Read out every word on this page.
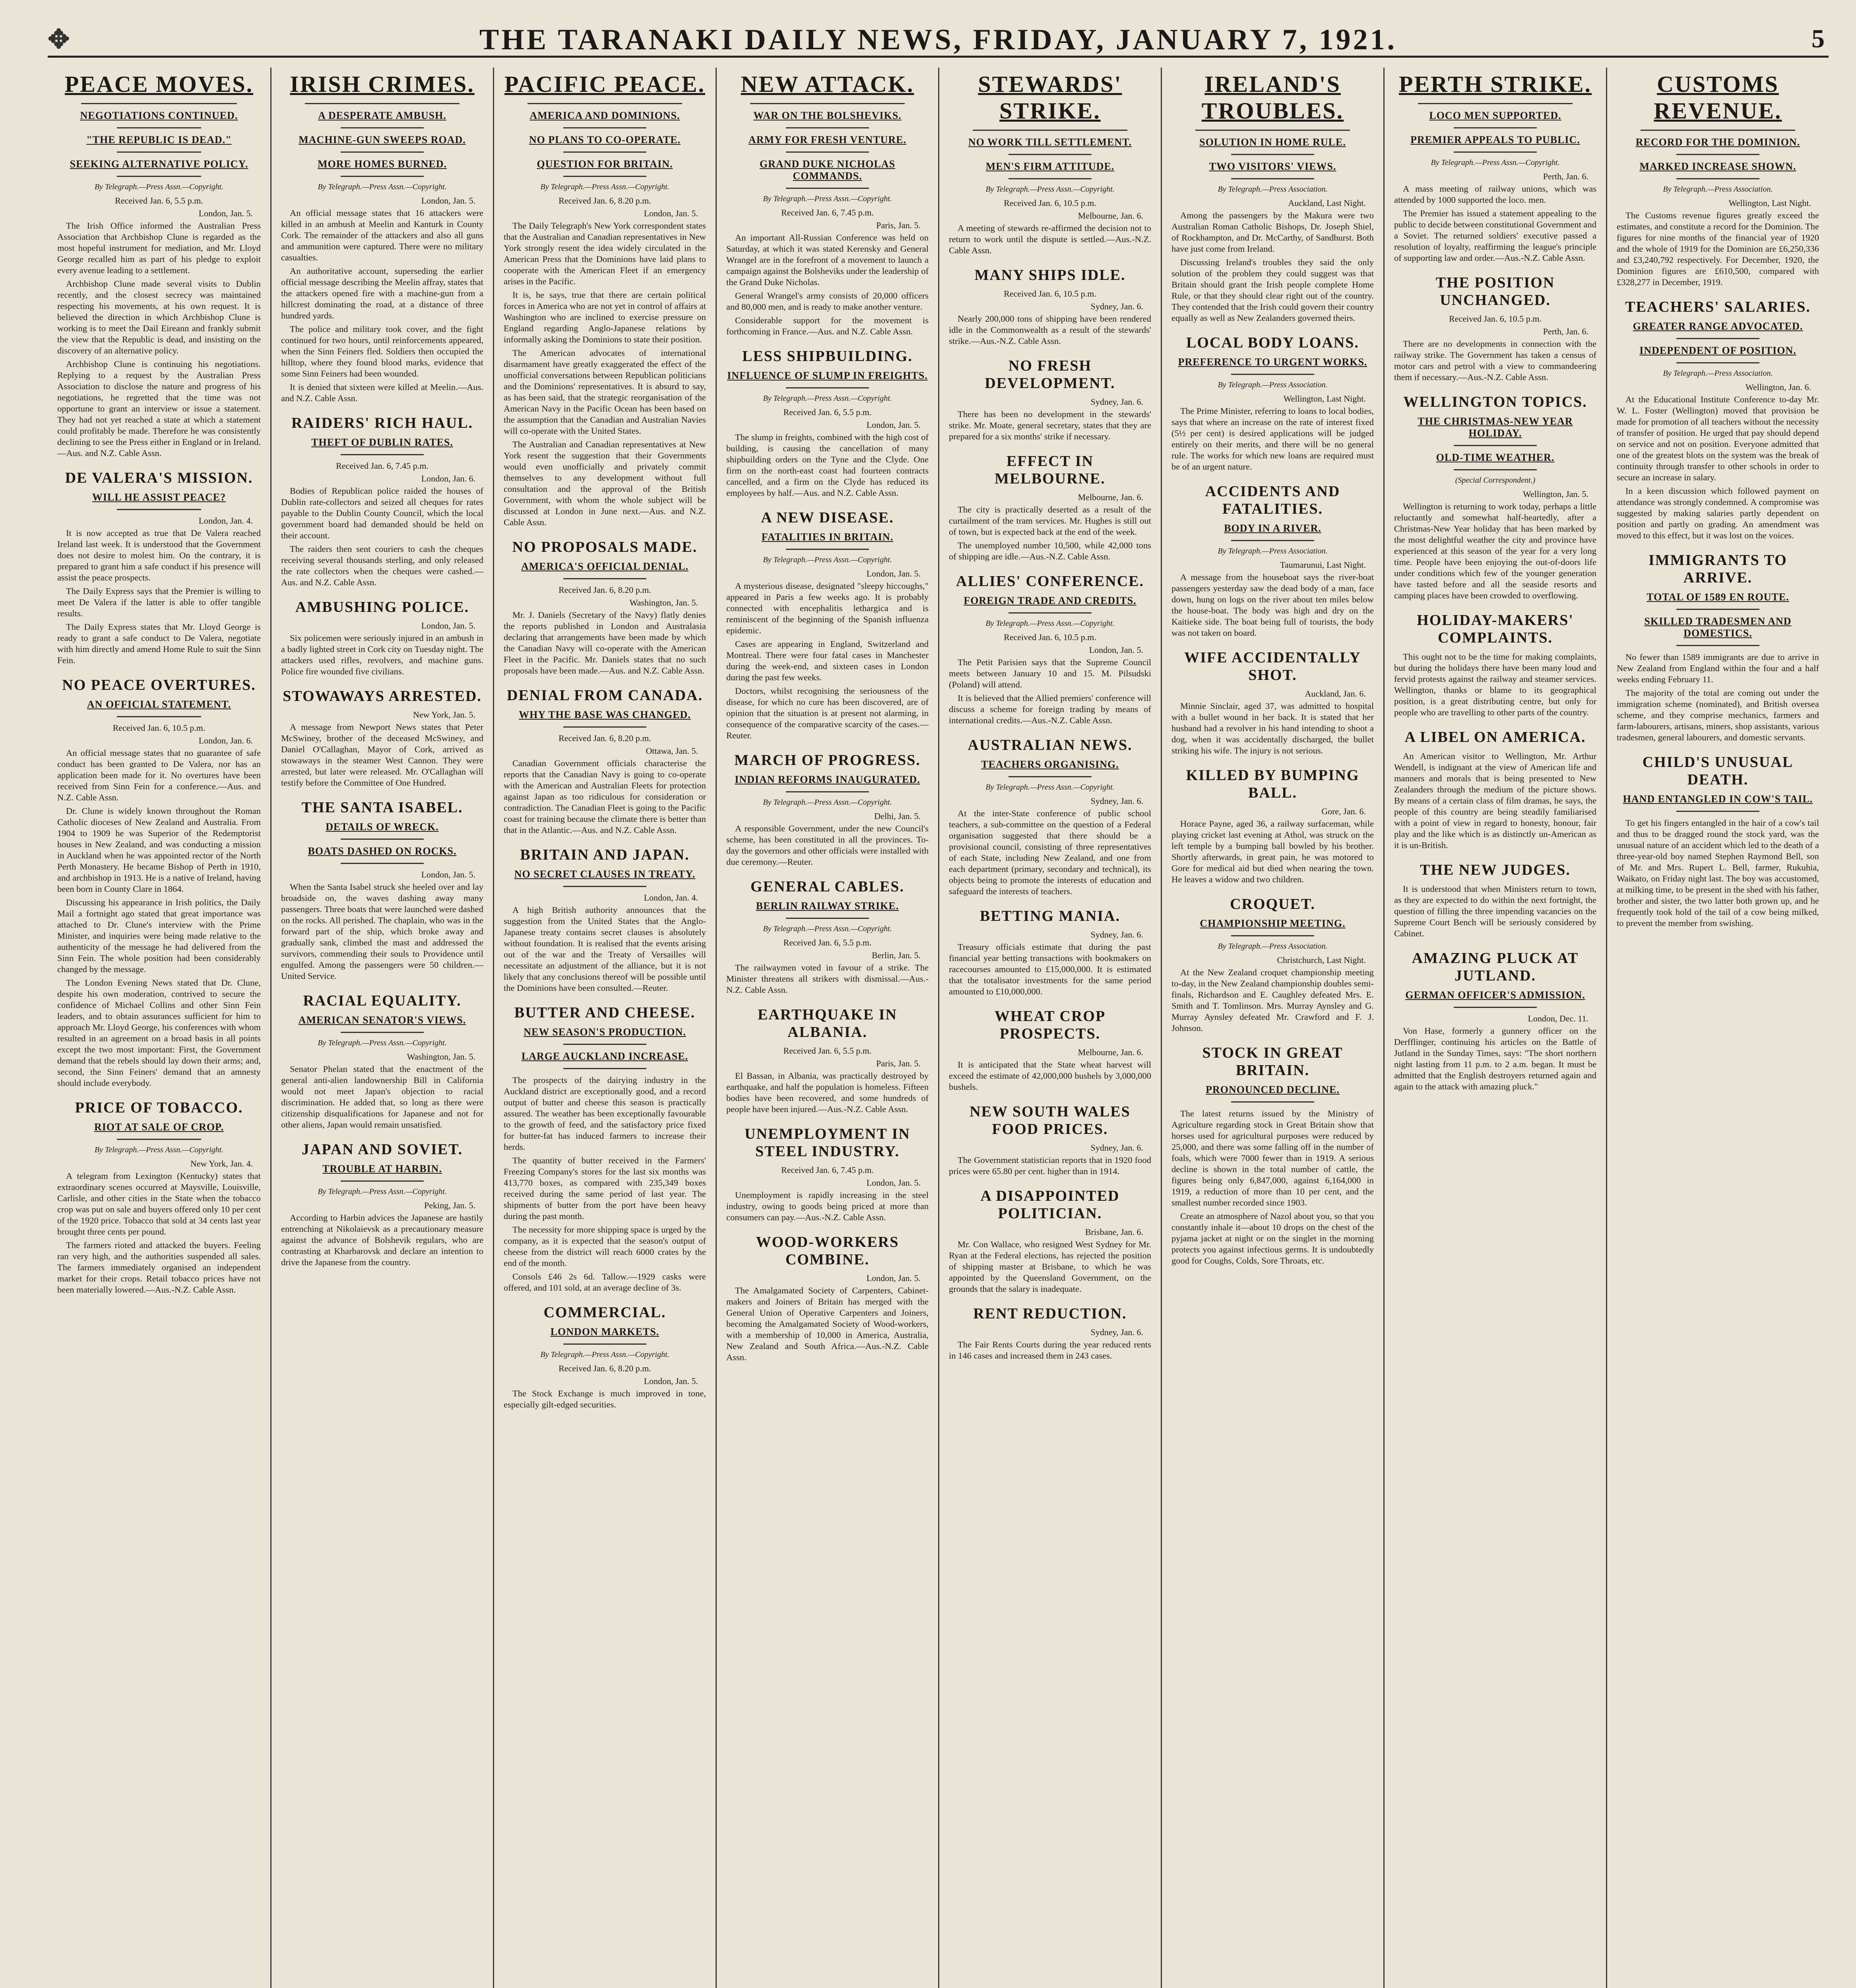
✥	THE TARANAKI DAILY NEWS, FRIDAY, JANUARY 7, 1921.	5
PEACE MOVES.
NEGOTIATIONS CONTINUED.
"THE REPUBLIC IS DEAD."
SEEKING ALTERNATIVE POLICY.
By Telegraph.—Press Assn.—Copyright.
Received Jan. 6, 5.5 p.m.
London, Jan. 5.

The Irish Office informed the Australian Press Association that Archbishop Clune is regarded as the most hopeful instrument for mediation, and Mr. Lloyd George recalled him as part of his pledge to exploit every avenue leading to a settlement.

Archbishop Clune made several visits to Dublin recently, and the closest secrecy was maintained respecting his movements, at his own request. It is believed the direction in which Archbishop Clune is working is to meet the Dail Eireann and frankly submit the view that the Republic is dead, and insisting on the discovery of an alternative policy.

Archbishop Clune is continuing his negotiations. Replying to a request by the Australian Press Association to disclose the nature and progress of his negotiations, he regretted that the time was not opportune to grant an interview or issue a statement. They had not yet reached a state at which a statement could profitably be made. Therefore he was consistently declining to see the Press either in England or in Ireland.—Aus. and N.Z. Cable Assn.

DE VALERA'S MISSION.
WILL HE ASSIST PEACE?
London, Jan. 4.

It is now accepted as true that De Valera reached Ireland last week. It is understood that the Government does not desire to molest him. On the contrary, it is prepared to grant him a safe conduct if his presence will assist the peace prospects.

The Daily Express says that the Premier is willing to meet De Valera if the latter is able to offer tangible results.

The Daily Express states that Mr. Lloyd George is ready to grant a safe conduct to De Valera, negotiate with him directly and amend Home Rule to suit the Sinn Fein.

NO PEACE OVERTURES.
AN OFFICIAL STATEMENT.
Received Jan. 6, 10.5 p.m.
London, Jan. 6.

An official message states that no guarantee of safe conduct has been granted to De Valera, nor has an application been made for it. No overtures have been received from Sinn Fein for a conference.—Aus. and N.Z. Cable Assn.

Dr. Clune is widely known throughout the Roman Catholic dioceses of New Zealand and Australia. From 1904 to 1909 he was Superior of the Redemptorist houses in New Zealand, and was conducting a mission in Auckland when he was appointed rector of the North Perth Monastery. He became Bishop of Perth in 1910, and archbishop in 1913. He is a native of Ireland, having been born in County Clare in 1864.

Discussing his appearance in Irish politics, the Daily Mail a fortnight ago stated that great importance was attached to Dr. Clune's interview with the Prime Minister, and inquiries were being made relative to the authenticity of the message he had delivered from the Sinn Fein. The whole position had been considerably changed by the message.

The London Evening News stated that Dr. Clune, despite his own moderation, contrived to secure the confidence of Michael Collins and other Sinn Fein leaders, and to obtain assurances sufficient for him to approach Mr. Lloyd George, his conferences with whom resulted in an agreement on a broad basis in all points except the two most important: First, the Government demand that the rebels should lay down their arms; and, second, the Sinn Feiners' demand that an amnesty should include everybody.

PRICE OF TOBACCO.
RIOT AT SALE OF CROP.
By Telegraph.—Press Assn.—Copyright.
New York, Jan. 4.

A telegram from Lexington (Kentucky) states that extraordinary scenes occurred at Maysville, Louisville, Carlisle, and other cities in the State when the tobacco crop was put on sale and buyers offered only 10 per cent of the 1920 price. Tobacco that sold at 34 cents last year brought three cents per pound.

The farmers rioted and attacked the buyers. Feeling ran very high, and the authorities suspended all sales. The farmers immediately organised an independent market for their crops. Retail tobacco prices have not been materially lowered.—Aus.-N.Z. Cable Assn.

IRISH CRIMES.
A DESPERATE AMBUSH.
MACHINE-GUN SWEEPS ROAD.
MORE HOMES BURNED.
By Telegraph.—Press Assn.—Copyright.
London, Jan. 5.

An official message states that 16 attackers were killed in an ambush at Meelin and Kanturk in County Cork. The remainder of the attackers and also all guns and ammunition were captured. There were no military casualties.

An authoritative account, superseding the earlier official message describing the Meelin affray, states that the attackers opened fire with a machine-gun from a hillcrest dominating the road, at a distance of three hundred yards.

The police and military took cover, and the fight continued for two hours, until reinforcements appeared, when the Sinn Feiners fled. Soldiers then occupied the hilltop, where they found blood marks, evidence that some Sinn Feiners had been wounded.

It is denied that sixteen were killed at Meelin.—Aus. and N.Z. Cable Assn.

RAIDERS' RICH HAUL.
THEFT OF DUBLIN RATES.
Received Jan. 6, 7.45 p.m.
London, Jan. 6.

Bodies of Republican police raided the houses of Dublin rate-collectors and seized all cheques for rates payable to the Dublin County Council, which the local government board had demanded should be held on their account.

The raiders then sent couriers to cash the cheques receiving several thousands sterling, and only released the rate collectors when the cheques were cashed.—Aus. and N.Z. Cable Assn.

AMBUSHING POLICE.
London, Jan. 5.

Six policemen were seriously injured in an ambush in a badly lighted street in Cork city on Tuesday night. The attackers used rifles, revolvers, and machine guns. Police fire wounded five civilians.

STOWAWAYS ARRESTED.
New York, Jan. 5.

A message from Newport News states that Peter McSwiney, brother of the deceased McSwiney, and Daniel O'Callaghan, Mayor of Cork, arrived as stowaways in the steamer West Cannon. They were arrested, but later were released. Mr. O'Callaghan will testify before the Committee of One Hundred.

THE SANTA ISABEL.
DETAILS OF WRECK.
BOATS DASHED ON ROCKS.
London, Jan. 5.

When the Santa Isabel struck she heeled over and lay broadside on, the waves dashing away many passengers. Three boats that were launched were dashed on the rocks. All perished. The chaplain, who was in the forward part of the ship, which broke away and gradually sank, climbed the mast and addressed the survivors, commending their souls to Providence until engulfed. Among the passengers were 50 children.—United Service.

RACIAL EQUALITY.
AMERICAN SENATOR'S VIEWS.
By Telegraph.—Press Assn.—Copyright.
Washington, Jan. 5.

Senator Phelan stated that the enactment of the general anti-alien landownership Bill in California would not meet Japan's objection to racial discrimination. He added that, so long as there were citizenship disqualifications for Japanese and not for other aliens, Japan would remain unsatisfied.

JAPAN AND SOVIET.
TROUBLE AT HARBIN.
By Telegraph.—Press Assn.—Copyright.
Peking, Jan. 5.

According to Harbin advices the Japanese are hastily entrenching at Nikolaievsk as a precautionary measure against the advance of Bolshevik regulars, who are contrasting at Kharbarovsk and declare an intention to drive the Japanese from the country.

PACIFIC PEACE.
AMERICA AND DOMINIONS.
NO PLANS TO CO-OPERATE.
QUESTION FOR BRITAIN.
By Telegraph.—Press Assn.—Copyright.
Received Jan. 6, 8.20 p.m.
London, Jan. 5.

The Daily Telegraph's New York correspondent states that the Australian and Canadian representatives in New York strongly resent the idea widely circulated in the American Press that the Dominions have laid plans to cooperate with the American Fleet if an emergency arises in the Pacific.

It is, he says, true that there are certain political forces in America who are not yet in control of affairs at Washington who are inclined to exercise pressure on England regarding Anglo-Japanese relations by informally asking the Dominions to state their position.

The American advocates of international disarmament have greatly exaggerated the effect of the unofficial conversations between Republican politicians and the Dominions' representatives. It is absurd to say, as has been said, that the strategic reorganisation of the American Navy in the Pacific Ocean has been based on the assumption that the Canadian and Australian Navies will co-operate with the United States.

The Australian and Canadian representatives at New York resent the suggestion that their Governments would even unofficially and privately commit themselves to any development without full consultation and the approval of the British Government, with whom the whole subject will be discussed at London in June next.—Aus. and N.Z. Cable Assn.

NO PROPOSALS MADE.
AMERICA'S OFFICIAL DENIAL.
Received Jan. 6, 8.20 p.m.
Washington, Jan. 5.

Mr. J. Daniels (Secretary of the Navy) flatly denies the reports published in London and Australasia declaring that arrangements have been made by which the Canadian Navy will co-operate with the American Fleet in the Pacific. Mr. Daniels states that no such proposals have been made.—Aus. and N.Z. Cable Assn.

DENIAL FROM CANADA.
WHY THE BASE WAS CHANGED.
Received Jan. 6, 8.20 p.m.
Ottawa, Jan. 5.

Canadian Government officials characterise the reports that the Canadian Navy is going to co-operate with the American and Australian Fleets for protection against Japan as too ridiculous for consideration or contradiction. The Canadian Fleet is going to the Pacific coast for training because the climate there is better than that in the Atlantic.—Aus. and N.Z. Cable Assn.

BRITAIN AND JAPAN.
NO SECRET CLAUSES IN TREATY.
London, Jan. 4.

A high British authority announces that the suggestion from the United States that the Anglo-Japanese treaty contains secret clauses is absolutely without foundation. It is realised that the events arising out of the war and the Treaty of Versailles will necessitate an adjustment of the alliance, but it is not likely that any conclusions thereof will be possible until the Dominions have been consulted.—Reuter.

BUTTER AND CHEESE.
NEW SEASON'S PRODUCTION.
LARGE AUCKLAND INCREASE.

The prospects of the dairying industry in the Auckland district are exceptionally good, and a record output of butter and cheese this season is practically assured. The weather has been exceptionally favourable to the growth of feed, and the satisfactory price fixed for butter-fat has induced farmers to increase their herds.

The quantity of butter received in the Farmers' Freezing Company's stores for the last six months was 413,770 boxes, as compared with 235,349 boxes received during the same period of last year. The shipments of butter from the port have been heavy during the past month.

The necessity for more shipping space is urged by the company, as it is expected that the season's output of cheese from the district will reach 6000 crates by the end of the month.

Consols £46 2s 6d. Tallow.—1929 casks were offered, and 101 sold, at an average decline of 3s.

COMMERCIAL.
LONDON MARKETS.
By Telegraph.—Press Assn.—Copyright.
Received Jan. 6, 8.20 p.m.
London, Jan. 5.

The Stock Exchange is much improved in tone, especially gilt-edged securities.

NEW ATTACK.
WAR ON THE BOLSHEVIKS.
ARMY FOR FRESH VENTURE.
GRAND DUKE NICHOLAS COMMANDS.
By Telegraph.—Press Assn.—Copyright.
Received Jan. 6, 7.45 p.m.
Paris, Jan. 5.

An important All-Russian Conference was held on Saturday, at which it was stated Kerensky and General Wrangel are in the forefront of a movement to launch a campaign against the Bolsheviks under the leadership of the Grand Duke Nicholas.

General Wrangel's army consists of 20,000 officers and 80,000 men, and is ready to make another venture.

Considerable support for the movement is forthcoming in France.—Aus. and N.Z. Cable Assn.

LESS SHIPBUILDING.
INFLUENCE OF SLUMP IN FREIGHTS.
By Telegraph.—Press Assn.—Copyright.
Received Jan. 6, 5.5 p.m.
London, Jan. 5.

The slump in freights, combined with the high cost of building, is causing the cancellation of many shipbuilding orders on the Tyne and the Clyde. One firm on the north-east coast had fourteen contracts cancelled, and a firm on the Clyde has reduced its employees by half.—Aus. and N.Z. Cable Assn.

A NEW DISEASE.
FATALITIES IN BRITAIN.
By Telegraph.—Press Assn.—Copyright.
London, Jan. 5.

A mysterious disease, designated "sleepy hiccoughs," appeared in Paris a few weeks ago. It is probably connected with encephalitis lethargica and is reminiscent of the beginning of the Spanish influenza epidemic.

Cases are appearing in England, Switzerland and Montreal. There were four fatal cases in Manchester during the week-end, and sixteen cases in London during the past few weeks.

Doctors, whilst recognising the seriousness of the disease, for which no cure has been discovered, are of opinion that the situation is at present not alarming, in consequence of the comparative scarcity of the cases.—Reuter.

MARCH OF PROGRESS.
INDIAN REFORMS INAUGURATED.
By Telegraph.—Press Assn.—Copyright.
Delhi, Jan. 5.

A responsible Government, under the new Council's scheme, has been constituted in all the provinces. To-day the governors and other officials were installed with due ceremony.—Reuter.

GENERAL CABLES.
BERLIN RAILWAY STRIKE.
By Telegraph.—Press Assn.—Copyright.
Received Jan. 6, 5.5 p.m.
Berlin, Jan. 5.

The railwaymen voted in favour of a strike. The Minister threatens all strikers with dismissal.—Aus.-N.Z. Cable Assn.

EARTHQUAKE IN ALBANIA.
Received Jan. 6, 5.5 p.m.
Paris, Jan. 5.

El Bassan, in Albania, was practically destroyed by earthquake, and half the population is homeless. Fifteen bodies have been recovered, and some hundreds of people have been injured.—Aus.-N.Z. Cable Assn.

UNEMPLOYMENT IN STEEL INDUSTRY.
Received Jan. 6, 7.45 p.m.
London, Jan. 5.

Unemployment is rapidly increasing in the steel industry, owing to goods being priced at more than consumers can pay.—Aus.-N.Z. Cable Assn.

WOOD-WORKERS COMBINE.
London, Jan. 5.

The Amalgamated Society of Carpenters, Cabinet-makers and Joiners of Britain has merged with the General Union of Operative Carpenters and Joiners, becoming the Amalgamated Society of Wood-workers, with a membership of 10,000 in America, Australia, New Zealand and South Africa.—Aus.-N.Z. Cable Assn.

STEWARDS' STRIKE.
NO WORK TILL SETTLEMENT.
MEN'S FIRM ATTITUDE.
By Telegraph.—Press Assn.—Copyright.
Received Jan. 6, 10.5 p.m.
Melbourne, Jan. 6.

A meeting of stewards re-affirmed the decision not to return to work until the dispute is settled.—Aus.-N.Z. Cable Assn.

MANY SHIPS IDLE.
Received Jan. 6, 10.5 p.m.
Sydney, Jan. 6.

Nearly 200,000 tons of shipping have been rendered idle in the Commonwealth as a result of the stewards' strike.—Aus.-N.Z. Cable Assn.

NO FRESH DEVELOPMENT.
Sydney, Jan. 6.

There has been no development in the stewards' strike. Mr. Moate, general secretary, states that they are prepared for a six months' strike if necessary.

EFFECT IN MELBOURNE.
Melbourne, Jan. 6.

The city is practically deserted as a result of the curtailment of the tram services. Mr. Hughes is still out of town, but is expected back at the end of the week.

The unemployed number 10,500, while 42,000 tons of shipping are idle.—Aus.-N.Z. Cable Assn.

ALLIES' CONFERENCE.
FOREIGN TRADE AND CREDITS.
By Telegraph.—Press Assn.—Copyright.
Received Jan. 6, 10.5 p.m.
London, Jan. 5.

The Petit Parisien says that the Supreme Council meets between January 10 and 15. M. Pilsudski (Poland) will attend.

It is believed that the Allied premiers' conference will discuss a scheme for foreign trading by means of international credits.—Aus.-N.Z. Cable Assn.

AUSTRALIAN NEWS.
TEACHERS ORGANISING.
By Telegraph.—Press Assn.—Copyright.
Sydney, Jan. 6.

At the inter-State conference of public school teachers, a sub-committee on the question of a Federal organisation suggested that there should be a provisional council, consisting of three representatives of each State, including New Zealand, and one from each department (primary, secondary and technical), its objects being to promote the interests of education and safeguard the interests of teachers.

BETTING MANIA.
Sydney, Jan. 6.

Treasury officials estimate that during the past financial year betting transactions with bookmakers on racecourses amounted to £15,000,000. It is estimated that the totalisator investments for the same period amounted to £10,000,000.

WHEAT CROP PROSPECTS.
Melbourne, Jan. 6.

It is anticipated that the State wheat harvest will exceed the estimate of 42,000,000 bushels by 3,000,000 bushels.

NEW SOUTH WALES FOOD PRICES.
Sydney, Jan. 6.

The Government statistician reports that in 1920 food prices were 65.80 per cent. higher than in 1914.

A DISAPPOINTED POLITICIAN.
Brisbane, Jan. 6.

Mr. Con Wallace, who resigned West Sydney for Mr. Ryan at the Federal elections, has rejected the position of shipping master at Brisbane, to which he was appointed by the Queensland Government, on the grounds that the salary is inadequate.

RENT REDUCTION.
Sydney, Jan. 6.

The Fair Rents Courts during the year reduced rents in 146 cases and increased them in 243 cases.

IRELAND'S TROUBLES.
SOLUTION IN HOME RULE.
TWO VISITORS' VIEWS.
By Telegraph.—Press Association.
Auckland, Last Night.

Among the passengers by the Makura were two Australian Roman Catholic Bishops, Dr. Joseph Shiel, of Rockhampton, and Dr. McCarthy, of Sandhurst. Both have just come from Ireland.

Discussing Ireland's troubles they said the only solution of the problem they could suggest was that Britain should grant the Irish people complete Home Rule, or that they should clear right out of the country. They contended that the Irish could govern their country equally as well as New Zealanders governed theirs.

LOCAL BODY LOANS.
PREFERENCE TO URGENT WORKS.
By Telegraph.—Press Association.
Wellington, Last Night.

The Prime Minister, referring to loans to local bodies, says that where an increase on the rate of interest fixed (5½ per cent) is desired applications will be judged entirely on their merits, and there will be no general rule. The works for which new loans are required must be of an urgent nature.

ACCIDENTS AND FATALITIES.
BODY IN A RIVER.
By Telegraph.—Press Association.
Taumarunui, Last Night.

A message from the houseboat says the river-boat passengers yesterday saw the dead body of a man, face down, hung on logs on the river about ten miles below the house-boat. The body was high and dry on the Kaitieke side. The boat being full of tourists, the body was not taken on board.

WIFE ACCIDENTALLY SHOT.
Auckland, Jan. 6.

Minnie Sinclair, aged 37, was admitted to hospital with a bullet wound in her back. It is stated that her husband had a revolver in his hand intending to shoot a dog, when it was accidentally discharged, the bullet striking his wife. The injury is not serious.

KILLED BY BUMPING BALL.
Gore, Jan. 6.

Horace Payne, aged 36, a railway surfaceman, while playing cricket last evening at Athol, was struck on the left temple by a bumping ball bowled by his brother. Shortly afterwards, in great pain, he was motored to Gore for medical aid but died when nearing the town. He leaves a widow and two children.

CROQUET.
CHAMPIONSHIP MEETING.
By Telegraph.—Press Association.
Christchurch, Last Night.

At the New Zealand croquet championship meeting to-day, in the New Zealand championship doubles semi-finals, Richardson and E. Caughley defeated Mrs. E. Smith and T. Tomlinson. Mrs. Murray Aynsley and G. Murray Aynsley defeated Mr. Crawford and F. J. Johnson.

STOCK IN GREAT BRITAIN.
PRONOUNCED DECLINE.

The latest returns issued by the Ministry of Agriculture regarding stock in Great Britain show that horses used for agricultural purposes were reduced by 25,000, and there was some falling off in the number of foals, which were 7000 fewer than in 1919. A serious decline is shown in the total number of cattle, the figures being only 6,847,000, against 6,164,000 in 1919, a reduction of more than 10 per cent, and the smallest number recorded since 1903.

Create an atmosphere of Nazol about you, so that you constantly inhale it—about 10 drops on the chest of the pyjama jacket at night or on the singlet in the morning protects you against infectious germs. It is undoubtedly good for Coughs, Colds, Sore Throats, etc.

PERTH STRIKE.
LOCO MEN SUPPORTED.
PREMIER APPEALS TO PUBLIC.
By Telegraph.—Press Assn.—Copyright.
Perth, Jan. 6.

A mass meeting of railway unions, which was attended by 1000 supported the loco. men.

The Premier has issued a statement appealing to the public to decide between constitutional Government and a Soviet. The returned soldiers' executive passed a resolution of loyalty, reaffirming the league's principle of supporting law and order.—Aus.-N.Z. Cable Assn.

THE POSITION UNCHANGED.
Received Jan. 6, 10.5 p.m.
Perth, Jan. 6.

There are no developments in connection with the railway strike. The Government has taken a census of motor cars and petrol with a view to commandeering them if necessary.—Aus.-N.Z. Cable Assn.

WELLINGTON TOPICS.
THE CHRISTMAS-NEW YEAR HOLIDAY.
OLD-TIME WEATHER.
(Special Correspondent.)
Wellington, Jan. 5.

Wellington is returning to work today, perhaps a little reluctantly and somewhat half-heartedly, after a Christmas-New Year holiday that has been marked by the most delightful weather the city and province have experienced at this season of the year for a very long time. People have been enjoying the out-of-doors life under conditions which few of the younger generation have tasted before and all the seaside resorts and camping places have been crowded to overflowing.

HOLIDAY-MAKERS' COMPLAINTS.

This ought not to be the time for making complaints, but during the holidays there have been many loud and fervid protests against the railway and steamer services. Wellington, thanks or blame to its geographical position, is a great distributing centre, but only for people who are travelling to other parts of the country.

A LIBEL ON AMERICA.

An American visitor to Wellington, Mr. Arthur Wendell, is indignant at the view of American life and manners and morals that is being presented to New Zealanders through the medium of the picture shows. By means of a certain class of film dramas, he says, the people of this country are being steadily familiarised with a point of view in regard to honesty, honour, fair play and the like which is as distinctly un-American as it is un-British.

THE NEW JUDGES.

It is understood that when Ministers return to town, as they are expected to do within the next fortnight, the question of filling the three impending vacancies on the Supreme Court Bench will be seriously considered by Cabinet.

AMAZING PLUCK AT JUTLAND.
GERMAN OFFICER'S ADMISSION.
London, Dec. 11.

Von Hase, formerly a gunnery officer on the Derfflinger, continuing his articles on the Battle of Jutland in the Sunday Times, says: "The short northern night lasting from 11 p.m. to 2 a.m. began. It must be admitted that the English destroyers returned again and again to the attack with amazing pluck."

CUSTOMS REVENUE.
RECORD FOR THE DOMINION.
MARKED INCREASE SHOWN.
By Telegraph.—Press Association.
Wellington, Last Night.

The Customs revenue figures greatly exceed the estimates, and constitute a record for the Dominion. The figures for nine months of the financial year of 1920 and the whole of 1919 for the Dominion are £6,250,336 and £3,240,792 respectively. For December, 1920, the Dominion figures are £610,500, compared with £328,277 in December, 1919.

TEACHERS' SALARIES.
GREATER RANGE ADVOCATED.
INDEPENDENT OF POSITION.
By Telegraph.—Press Association.
Wellington, Jan. 6.

At the Educational Institute Conference to-day Mr. W. L. Foster (Wellington) moved that provision be made for promotion of all teachers without the necessity of transfer of position. He urged that pay should depend on service and not on position. Everyone admitted that one of the greatest blots on the system was the break of continuity through transfer to other schools in order to secure an increase in salary.

In a keen discussion which followed payment on attendance was strongly condemned. A compromise was suggested by making salaries partly dependent on position and partly on grading. An amendment was moved to this effect, but it was lost on the voices.

IMMIGRANTS TO ARRIVE.
TOTAL OF 1589 EN ROUTE.
SKILLED TRADESMEN AND DOMESTICS.

No fewer than 1589 immigrants are due to arrive in New Zealand from England within the four and a half weeks ending February 11.

The majority of the total are coming out under the immigration scheme (nominated), and British oversea scheme, and they comprise mechanics, farmers and farm-labourers, artisans, miners, shop assistants, various tradesmen, general labourers, and domestic servants.

CHILD'S UNUSUAL DEATH.
HAND ENTANGLED IN COW'S TAIL.

To get his fingers entangled in the hair of a cow's tail and thus to be dragged round the stock yard, was the unusual nature of an accident which led to the death of a three-year-old boy named Stephen Raymond Bell, son of Mr. and Mrs. Rupert L. Bell, farmer, Rukuhia, Waikato, on Friday night last. The boy was accustomed, at milking time, to be present in the shed with his father, brother and sister, the two latter both grown up, and he frequently took hold of the tail of a cow being milked, to prevent the member from swishing.
